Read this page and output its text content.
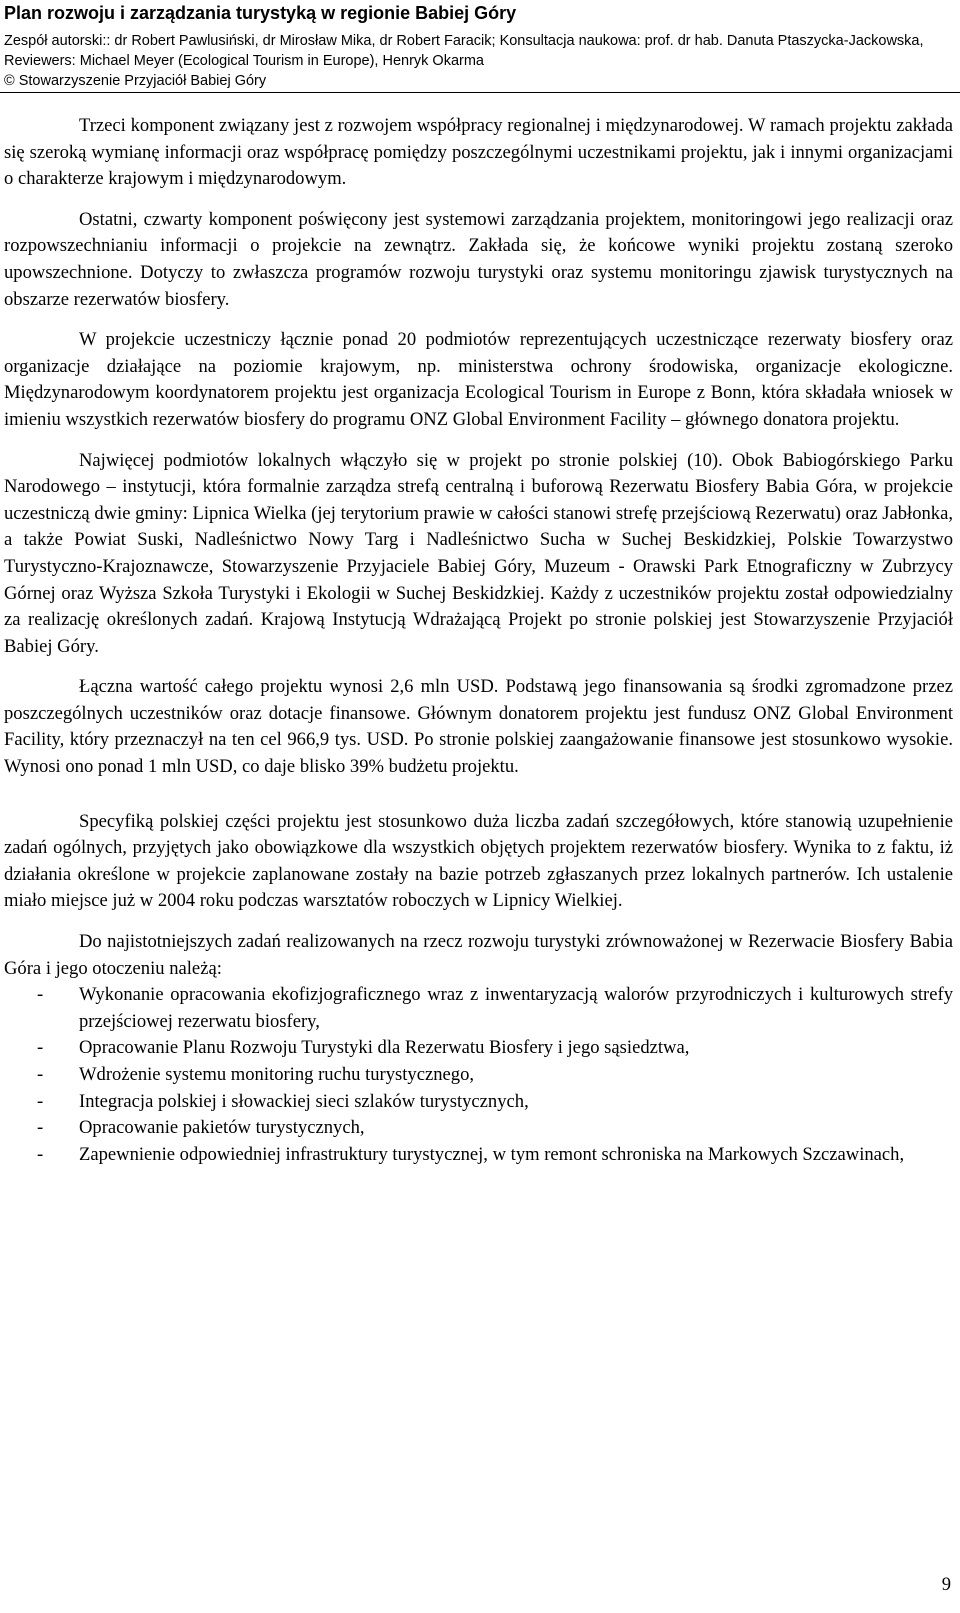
Plan rozwoju i zarządzania turystyką w regionie Babiej Góry
Zespół autorski:: dr Robert Pawlusiński, dr Mirosław Mika, dr Robert Faracik; Konsultacja naukowa: prof. dr hab. Danuta Ptaszycka-Jackowska, Reviewers: Michael Meyer (Ecological Tourism in Europe), Henryk Okarma
© Stowarzyszenie Przyjaciół Babiej Góry

Trzeci komponent związany jest z rozwojem współpracy regionalnej i międzynarodowej. W ramach projektu zakłada się szeroką wymianę informacji oraz współpracę pomiędzy poszczególnymi uczestnikami projektu, jak i innymi organizacjami o charakterze krajowym i międzynarodowym.

Ostatni, czwarty komponent poświęcony jest systemowi zarządzania projektem, monitoringowi jego realizacji oraz rozpowszechnianiu informacji o projekcie na zewnątrz. Zakłada się, że końcowe wyniki projektu zostaną szeroko upowszechnione. Dotyczy to zwłaszcza programów rozwoju turystyki oraz systemu monitoringu zjawisk turystycznych na obszarze rezerwatów biosfery.

W projekcie uczestniczy łącznie ponad 20 podmiotów reprezentujących uczestniczące rezerwaty biosfery oraz organizacje działające na poziomie krajowym, np. ministerstwa ochrony środowiska, organizacje ekologiczne. Międzynarodowym koordynatorem projektu jest organizacja Ecological Tourism in Europe z Bonn, która składała wniosek w imieniu wszystkich rezerwatów biosfery do programu ONZ Global Environment Facility – głównego donatora projektu.

Najwięcej podmiotów lokalnych włączyło się w projekt po stronie polskiej (10). Obok Babiogórskiego Parku Narodowego – instytucji, która formalnie zarządza strefą centralną i buforową Rezerwatu Biosfery Babia Góra, w projekcie uczestniczą dwie gminy: Lipnica Wielka (jej terytorium prawie w całości stanowi strefę przejściową Rezerwatu) oraz Jabłonka, a także Powiat Suski, Nadleśnictwo Nowy Targ i Nadleśnictwo Sucha w Suchej Beskidzkiej, Polskie Towarzystwo Turystyczno-Krajoznawcze, Stowarzyszenie Przyjaciele Babiej Góry, Muzeum - Orawski Park Etnograficzny w Zubrzycy Górnej oraz Wyższa Szkoła Turystyki i Ekologii w Suchej Beskidzkiej. Każdy z uczestników projektu został odpowiedzialny za realizację określonych zadań. Krajową Instytucją Wdrażającą Projekt po stronie polskiej jest Stowarzyszenie Przyjaciół Babiej Góry.

Łączna wartość całego projektu wynosi 2,6 mln USD. Podstawą jego finansowania są środki zgromadzone przez poszczególnych uczestników oraz dotacje finansowe. Głównym donatorem projektu jest fundusz ONZ Global Environment Facility, który przeznaczył na ten cel 966,9 tys. USD. Po stronie polskiej zaangażowanie finansowe jest stosunkowo wysokie. Wynosi ono ponad 1 mln USD, co daje blisko 39% budżetu projektu.

Specyfiką polskiej części projektu jest stosunkowo duża liczba zadań szczegółowych, które stanowią uzupełnienie zadań ogólnych, przyjętych jako obowiązkowe dla wszystkich objętych projektem rezerwatów biosfery. Wynika to z faktu, iż działania określone w projekcie zaplanowane zostały na bazie potrzeb zgłaszanych przez lokalnych partnerów. Ich ustalenie miało miejsce już w 2004 roku podczas warsztatów roboczych w Lipnicy Wielkiej.

Do najistotniejszych zadań realizowanych na rzecz rozwoju turystyki zrównoważonej w Rezerwacie Biosfery Babia Góra i jego otoczeniu należą:

- Wykonanie opracowania ekofizjograficznego wraz z inwentaryzacją walorów przyrodniczych i kulturowych strefy przejściowej rezerwatu biosfery,
- Opracowanie Planu Rozwoju Turystyki dla Rezerwatu Biosfery i jego sąsiedztwa,
- Wdrożenie systemu monitoring ruchu turystycznego,
- Integracja polskiej i słowackiej sieci szlaków turystycznych,
- Opracowanie pakietów turystycznych,
- Zapewnienie odpowiedniej infrastruktury turystycznej, w tym remont schroniska na Markowych Szczawinach,
9
